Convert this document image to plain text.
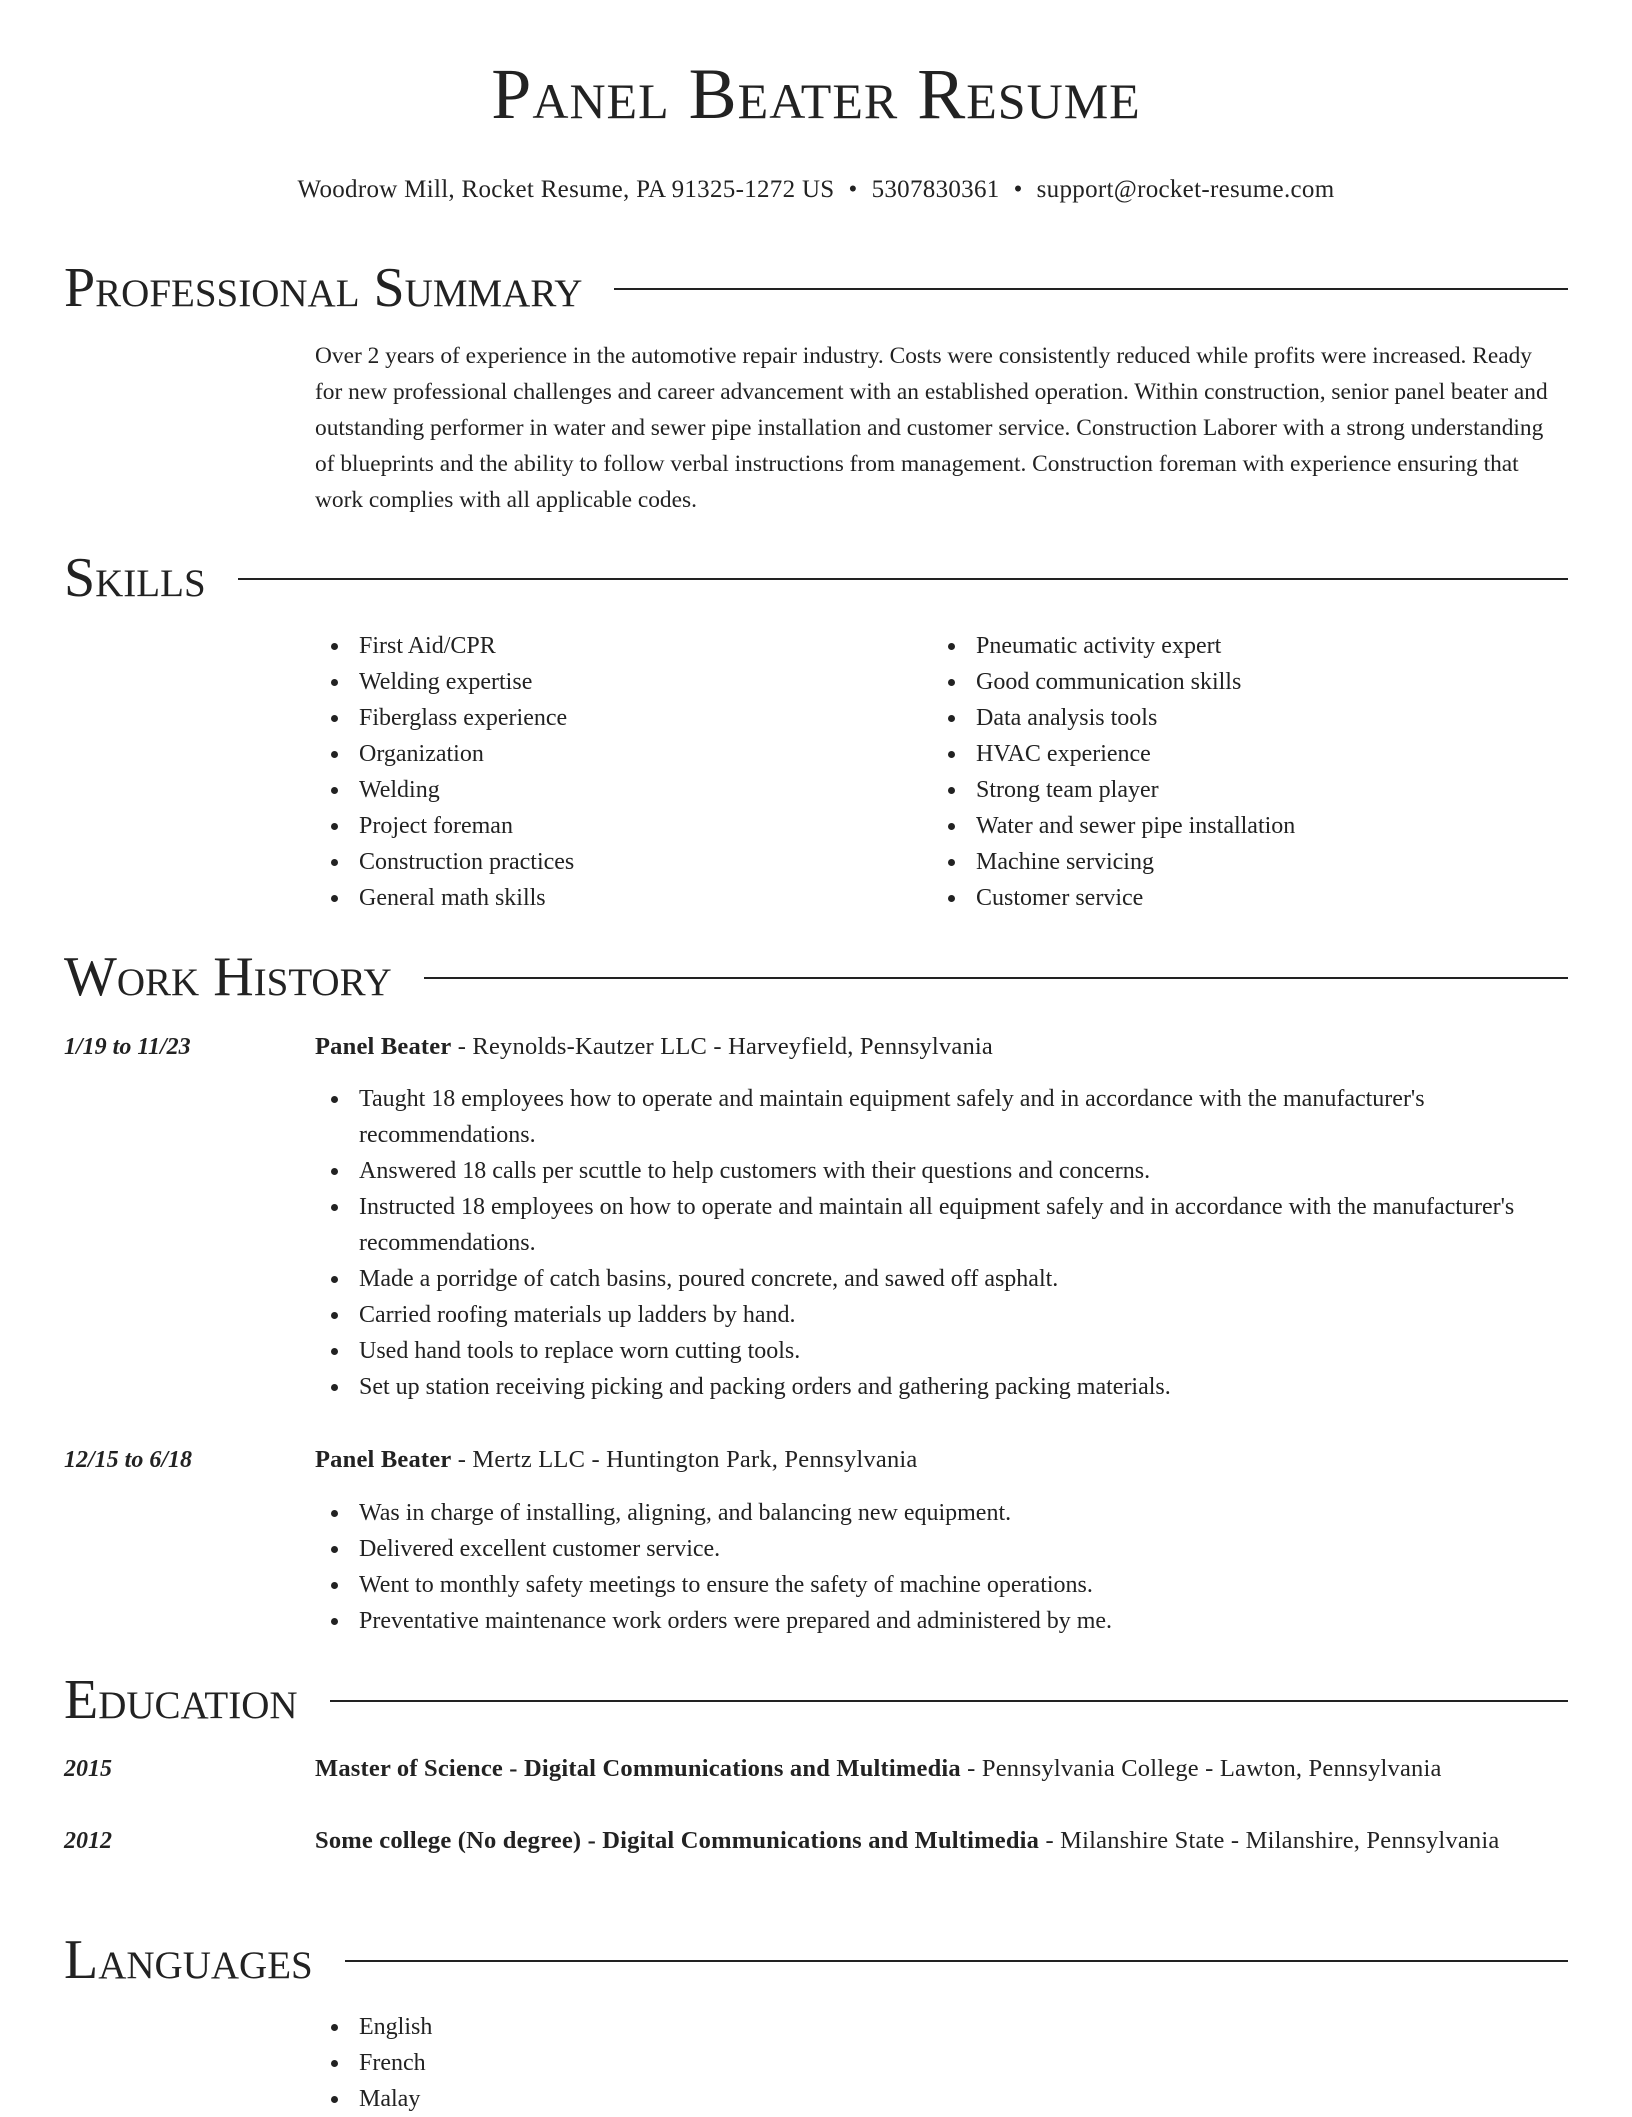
Panel Beater Resume
Woodrow Mill, Rocket Resume, PA 91325-1272 US • 5307830361 • support@rocket-resume.com
Professional Summary
Over 2 years of experience in the automotive repair industry. Costs were consistently reduced while profits were increased. Ready for new professional challenges and career advancement with an established operation. Within construction, senior panel beater and outstanding performer in water and sewer pipe installation and customer service. Construction Laborer with a strong understanding of blueprints and the ability to follow verbal instructions from management. Construction foreman with experience ensuring that work complies with all applicable codes.
Skills
First Aid/CPR
Welding expertise
Fiberglass experience
Organization
Welding
Project foreman
Construction practices
General math skills
Pneumatic activity expert
Good communication skills
Data analysis tools
HVAC experience
Strong team player
Water and sewer pipe installation
Machine servicing
Customer service
Work History
1/19 to 11/23	Panel Beater - Reynolds-Kautzer LLC - Harveyfield, Pennsylvania
Taught 18 employees how to operate and maintain equipment safely and in accordance with the manufacturer's recommendations.
Answered 18 calls per scuttle to help customers with their questions and concerns.
Instructed 18 employees on how to operate and maintain all equipment safely and in accordance with the manufacturer's recommendations.
Made a porridge of catch basins, poured concrete, and sawed off asphalt.
Carried roofing materials up ladders by hand.
Used hand tools to replace worn cutting tools.
Set up station receiving picking and packing orders and gathering packing materials.
12/15 to 6/18	Panel Beater - Mertz LLC - Huntington Park, Pennsylvania
Was in charge of installing, aligning, and balancing new equipment.
Delivered excellent customer service.
Went to monthly safety meetings to ensure the safety of machine operations.
Preventative maintenance work orders were prepared and administered by me.
Education
2015	Master of Science - Digital Communications and Multimedia - Pennsylvania College - Lawton, Pennsylvania
2012	Some college (No degree) - Digital Communications and Multimedia - Milanshire State - Milanshire, Pennsylvania
Languages
English
French
Malay
